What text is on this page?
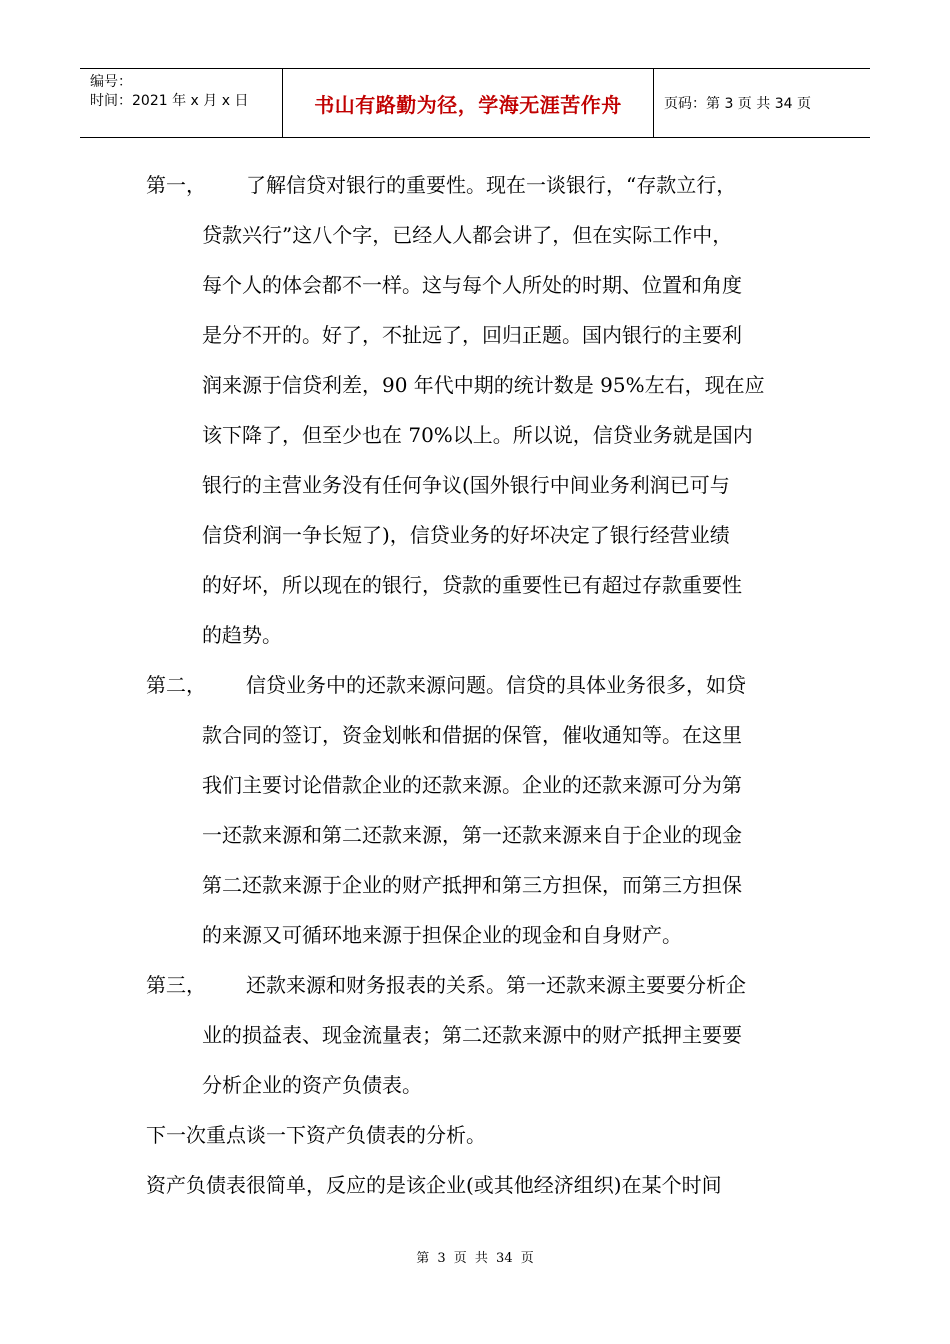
编号：
时间：2021 年 x 月 x 日	书山有路勤为径，学海无涯苦作舟	页码：第 3 页 共 34 页
第一，	了解信贷对银行的重要性。现在一谈银行，“存款立行，
贷款兴行”这八个字，已经人人都会讲了，但在实际工作中，
每个人的体会都不一样。这与每个人所处的时期、位置和角度
是分不开的。好了，不扯远了，回归正题。国内银行的主要利
润来源于信贷利差，90 年代中期的统计数是 95%左右，现在应
该下降了，但至少也在 70%以上。所以说，信贷业务就是国内
银行的主营业务没有任何争议(国外银行中间业务利润已可与
信贷利润一争长短了)，信贷业务的好坏决定了银行经营业绩
的好坏，所以现在的银行，贷款的重要性已有超过存款重要性
的趋势。
第二，	信贷业务中的还款来源问题。信贷的具体业务很多，如贷
款合同的签订，资金划帐和借据的保管，催收通知等。在这里
我们主要讨论借款企业的还款来源。企业的还款来源可分为第
一还款来源和第二还款来源，第一还款来源来自于企业的现金
第二还款来源于企业的财产抵押和第三方担保，而第三方担保
的来源又可循环地来源于担保企业的现金和自身财产。
第三，	还款来源和财务报表的关系。第一还款来源主要要分析企
业的损益表、现金流量表；第二还款来源中的财产抵押主要要
分析企业的资产负债表。
下一次重点谈一下资产负债表的分析。
资产负债表很简单，反应的是该企业(或其他经济组织)在某个时间
第 3 页 共 34 页
